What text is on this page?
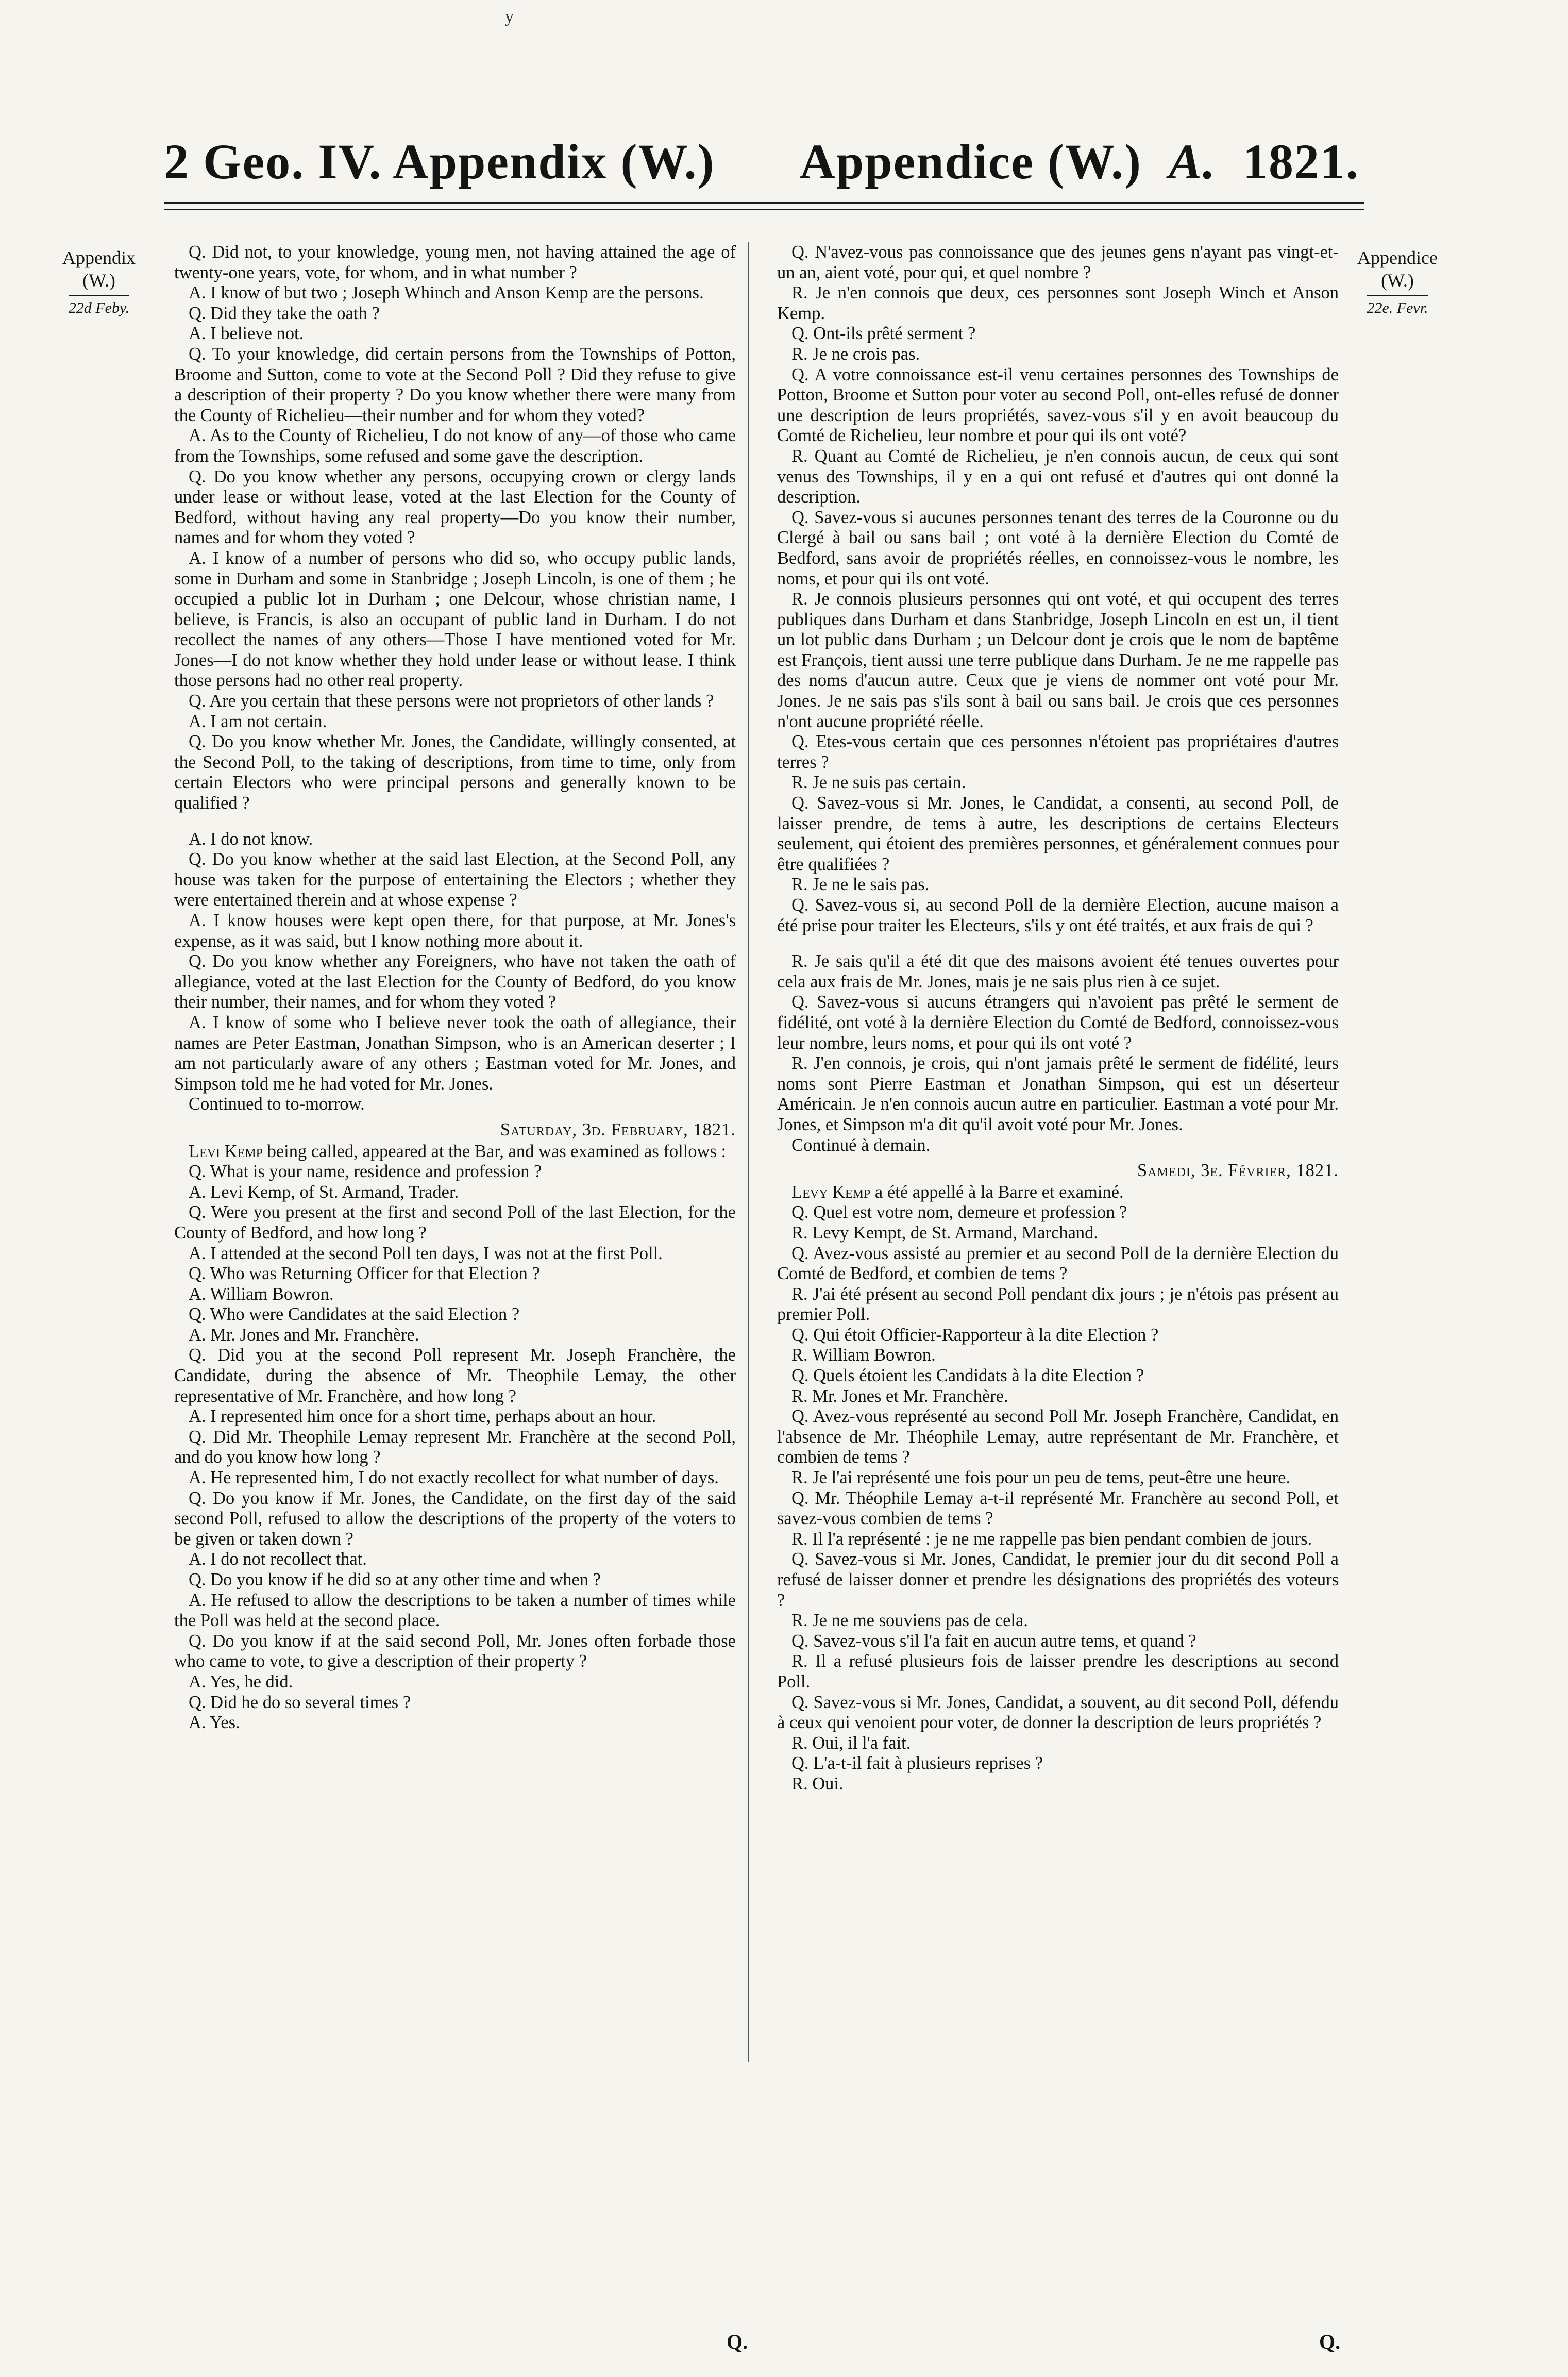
y
2 Geo. IV. Appendix (W.) Appendice (W.) A. 1821.
Appendix
(W.)
22d Feby.
Appendice
(W.)
22e. Fevr.

Q. Did not, to your knowledge, young men, not having attained the age of twenty-one years, vote, for whom, and in what number ?

A. I know of but two ; Joseph Whinch and Anson Kemp are the persons.

Q. Did they take the oath ?

A. I believe not.

Q. To your knowledge, did certain persons from the Townships of Potton, Broome and Sutton, come to vote at the Second Poll ? Did they refuse to give a description of their property ? Do you know whether there were many from the County of Richelieu—their number and for whom they voted?

A. As to the County of Richelieu, I do not know of any—of those who came from the Townships, some refused and some gave the description.

Q. Do you know whether any persons, occupying crown or clergy lands under lease or without lease, voted at the last Election for the County of Bedford, without having any real property—Do you know their number, names and for whom they voted ?

A. I know of a number of persons who did so, who occupy public lands, some in Durham and some in Stanbridge ; Joseph Lincoln, is one of them ; he occupied a public lot in Durham ; one Delcour, whose christian name, I believe, is Francis, is also an occupant of public land in Durham. I do not recollect the names of any others—Those I have mentioned voted for Mr. Jones—I do not know whether they hold under lease or without lease. I think those persons had no other real property.

Q. Are you certain that these persons were not proprietors of other lands ?

A. I am not certain.

Q. Do you know whether Mr. Jones, the Candidate, willingly consented, at the Second Poll, to the taking of descriptions, from time to time, only from certain Electors who were principal persons and generally known to be qualified ?

A. I do not know.

Q. Do you know whether at the said last Election, at the Second Poll, any house was taken for the purpose of entertaining the Electors ; whether they were entertained therein and at whose expense ?

A. I know houses were kept open there, for that purpose, at Mr. Jones's expense, as it was said, but I know nothing more about it.

Q. Do you know whether any Foreigners, who have not taken the oath of allegiance, voted at the last Election for the County of Bedford, do you know their number, their names, and for whom they voted ?

A. I know of some who I believe never took the oath of allegiance, their names are Peter Eastman, Jonathan Simpson, who is an American deserter ; I am not particularly aware of any others ; Eastman voted for Mr. Jones, and Simpson told me he had voted for Mr. Jones.

Continued to to-morrow.

Saturday, 3d. February, 1821.

Levi Kemp being called, appeared at the Bar, and was examined as follows :

Q. What is your name, residence and profession ?

A. Levi Kemp, of St. Armand, Trader.

Q. Were you present at the first and second Poll of the last Election, for the County of Bedford, and how long ?

A. I attended at the second Poll ten days, I was not at the first Poll.

Q. Who was Returning Officer for that Election ?

A. William Bowron.

Q. Who were Candidates at the said Election ?

A. Mr. Jones and Mr. Franchère.

Q. Did you at the second Poll represent Mr. Joseph Franchère, the Candidate, during the absence of Mr. Theophile Lemay, the other representative of Mr. Franchère, and how long ?

A. I represented him once for a short time, perhaps about an hour.

Q. Did Mr. Theophile Lemay represent Mr. Franchère at the second Poll, and do you know how long ?

A. He represented him, I do not exactly recollect for what number of days.

Q. Do you know if Mr. Jones, the Candidate, on the first day of the said second Poll, refused to allow the descriptions of the property of the voters to be given or taken down ?

A. I do not recollect that.

Q. Do you know if he did so at any other time and when ?

A. He refused to allow the descriptions to be taken a number of times while the Poll was held at the second place.

Q. Do you know if at the said second Poll, Mr. Jones often forbade those who came to vote, to give a description of their property ?

A. Yes, he did.

Q. Did he do so several times ?

A. Yes.

Q. N'avez-vous pas connoissance que des jeunes gens n'ayant pas vingt-et-un an, aient voté, pour qui, et quel nombre ?

R. Je n'en connois que deux, ces personnes sont Joseph Winch et Anson Kemp.

Q. Ont-ils prêté serment ?

R. Je ne crois pas.

Q. A votre connoissance est-il venu certaines personnes des Townships de Potton, Broome et Sutton pour voter au second Poll, ont-elles refusé de donner une description de leurs propriétés, savez-vous s'il y en avoit beaucoup du Comté de Richelieu, leur nombre et pour qui ils ont voté?

R. Quant au Comté de Richelieu, je n'en connois aucun, de ceux qui sont venus des Townships, il y en a qui ont refusé et d'autres qui ont donné la description.

Q. Savez-vous si aucunes personnes tenant des terres de la Couronne ou du Clergé à bail ou sans bail ; ont voté à la dernière Election du Comté de Bedford, sans avoir de propriétés réelles, en connoissez-vous le nombre, les noms, et pour qui ils ont voté.

R. Je connois plusieurs personnes qui ont voté, et qui occupent des terres publiques dans Durham et dans Stanbridge, Joseph Lincoln en est un, il tient un lot public dans Durham ; un Delcour dont je crois que le nom de baptême est François, tient aussi une terre publique dans Durham. Je ne me rappelle pas des noms d'aucun autre. Ceux que je viens de nommer ont voté pour Mr. Jones. Je ne sais pas s'ils sont à bail ou sans bail. Je crois que ces personnes n'ont aucune propriété réelle.

Q. Etes-vous certain que ces personnes n'étoient pas propriétaires d'autres terres ?

R. Je ne suis pas certain.

Q. Savez-vous si Mr. Jones, le Candidat, a consenti, au second Poll, de laisser prendre, de tems à autre, les descriptions de certains Electeurs seulement, qui étoient des premières personnes, et généralement connues pour être qualifiées ?

R. Je ne le sais pas.

Q. Savez-vous si, au second Poll de la dernière Election, aucune maison a été prise pour traiter les Electeurs, s'ils y ont été traités, et aux frais de qui ?

R. Je sais qu'il a été dit que des maisons avoient été tenues ouvertes pour cela aux frais de Mr. Jones, mais je ne sais plus rien à ce sujet.

Q. Savez-vous si aucuns étrangers qui n'avoient pas prêté le serment de fidélité, ont voté à la dernière Election du Comté de Bedford, connoissez-vous leur nombre, leurs noms, et pour qui ils ont voté ?

R. J'en connois, je crois, qui n'ont jamais prêté le serment de fidélité, leurs noms sont Pierre Eastman et Jonathan Simpson, qui est un déserteur Américain. Je n'en connois aucun autre en particulier. Eastman a voté pour Mr. Jones, et Simpson m'a dit qu'il avoit voté pour Mr. Jones.

Continué à demain.

Samedi, 3e. Février, 1821.

Levy Kemp a été appellé à la Barre et examiné.

Q. Quel est votre nom, demeure et profession ?

R. Levy Kempt, de St. Armand, Marchand.

Q. Avez-vous assisté au premier et au second Poll de la dernière Election du Comté de Bedford, et combien de tems ?

R. J'ai été présent au second Poll pendant dix jours ; je n'étois pas présent au premier Poll.

Q. Qui étoit Officier-Rapporteur à la dite Election ?

R. William Bowron.

Q. Quels étoient les Candidats à la dite Election ?

R. Mr. Jones et Mr. Franchère.

Q. Avez-vous représenté au second Poll Mr. Joseph Franchère, Candidat, en l'absence de Mr. Théophile Lemay, autre représentant de Mr. Franchère, et combien de tems ?

R. Je l'ai représenté une fois pour un peu de tems, peut-être une heure.

Q. Mr. Théophile Lemay a-t-il représenté Mr. Franchère au second Poll, et savez-vous combien de tems ?

R. Il l'a représenté : je ne me rappelle pas bien pendant combien de jours.

Q. Savez-vous si Mr. Jones, Candidat, le premier jour du dit second Poll a refusé de laisser donner et prendre les désignations des propriétés des voteurs ?

R. Je ne me souviens pas de cela.

Q. Savez-vous s'il l'a fait en aucun autre tems, et quand ?

R. Il a refusé plusieurs fois de laisser prendre les descriptions au second Poll.

Q. Savez-vous si Mr. Jones, Candidat, a souvent, au dit second Poll, défendu à ceux qui venoient pour voter, de donner la description de leurs propriétés ?

R. Oui, il l'a fait.

Q. L'a-t-il fait à plusieurs reprises ?

R. Oui.

Q.	Q.
